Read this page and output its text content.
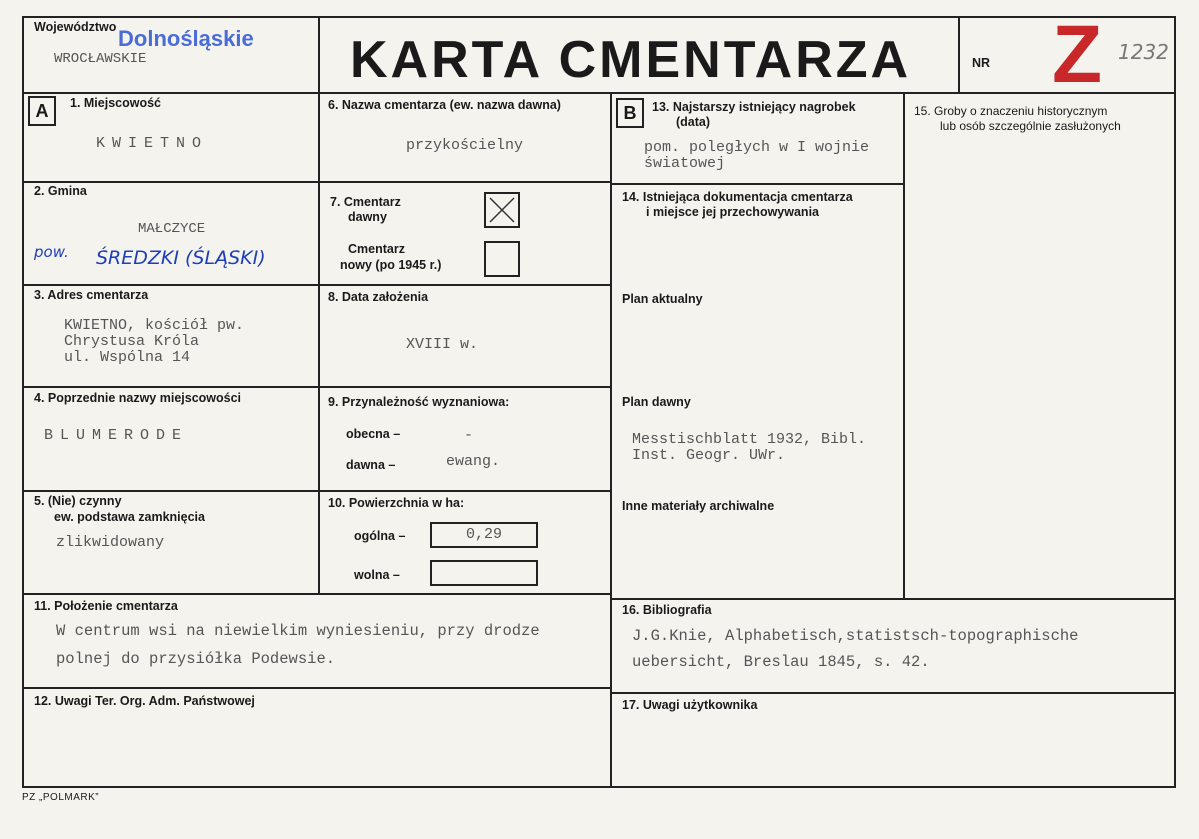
Województwo
WROCŁAWSKIE
Dolnośląskie KARTA CMENTARZA	NR Z 1232
A	B
1. Miejscowość
KWIETNO
2. Gmina
MAŁCZYCE
pow. ŚREDZKI (ŚLĄSKI)
3. Adres cmentarza
KWIETNO, kościół pw.
Chrystusa Króla
ul. Wspólna 14
4. Poprzednie nazwy miejscowości
BLUMERODE
5. (Nie) czynny
ew. podstawa zamknięcia
zlikwidowany
6. Nazwa cmentarza (ew. nazwa dawna)
przykościelny
7. Cmentarz
dawny
Cmentarz
nowy (po 1945 r.)
8. Data założenia
XVIII w.
9. Przynależność wyznaniowa:
obecna –	-
dawna –	ewang.
10. Powierzchnia w ha:
ogólna –	0,29
wolna –
11. Położenie cmentarza
W centrum wsi na niewielkim wyniesieniu, przy drodze
polnej do przysiółka Podewsie.
12. Uwagi Ter. Org. Adm. Państwowej
13. Najstarszy istniejący nagrobek
(data)
pom. poległych w I wojnie
światowej
14. Istniejąca dokumentacja cmentarza
i miejsce jej przechowywania
Plan aktualny
Plan dawny
Messtischblatt 1932, Bibl.
Inst. Geogr. UWr.
Inne materiały archiwalne
15. Groby o znaczeniu historycznym
lub osób szczególnie zasłużonych
16. Bibliografia
J.G.Knie, Alphabetisch,statistsch-topographische
uebersicht, Breslau 1845, s. 42.
17. Uwagi użytkownika
PZ „POLMARK”
